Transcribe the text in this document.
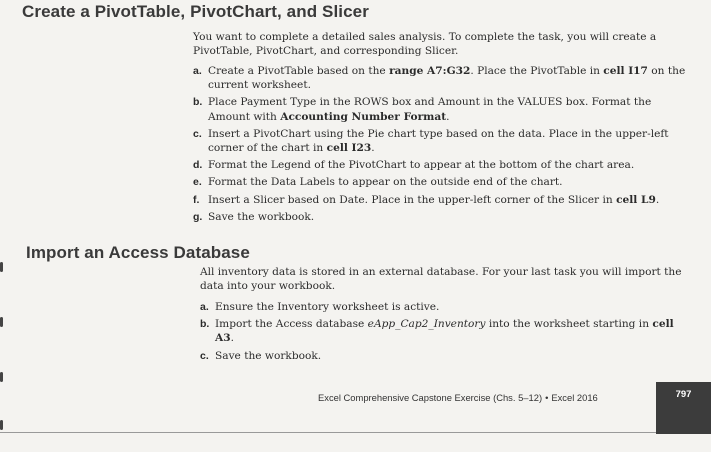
Create a PivotTable, PivotChart, and Slicer

You want to complete a detailed sales analysis. To complete the task, you will create a PivotTable, PivotChart, and corresponding Slicer.

a. Create a PivotTable based on the range A7:G32. Place the PivotTable in cell I17 on the current worksheet.
b. Place Payment Type in the ROWS box and Amount in the VALUES box. Format the Amount with Accounting Number Format.
c. Insert a PivotChart using the Pie chart type based on the data. Place in the upper-left corner of the chart in cell I23.
d. Format the Legend of the PivotChart to appear at the bottom of the chart area.
e. Format the Data Labels to appear on the outside end of the chart.
f. Insert a Slicer based on Date. Place in the upper-left corner of the Slicer in cell L9.
g. Save the workbook.
Import an Access Database

All inventory data is stored in an external database. For your last task you will import the data into your workbook.

a. Ensure the Inventory worksheet is active.
b. Import the Access database eApp_Cap2_Inventory into the worksheet starting in cell A3.
c. Save the workbook.
Excel Comprehensive Capstone Exercise (Chs. 5–12) • Excel 2016	797
